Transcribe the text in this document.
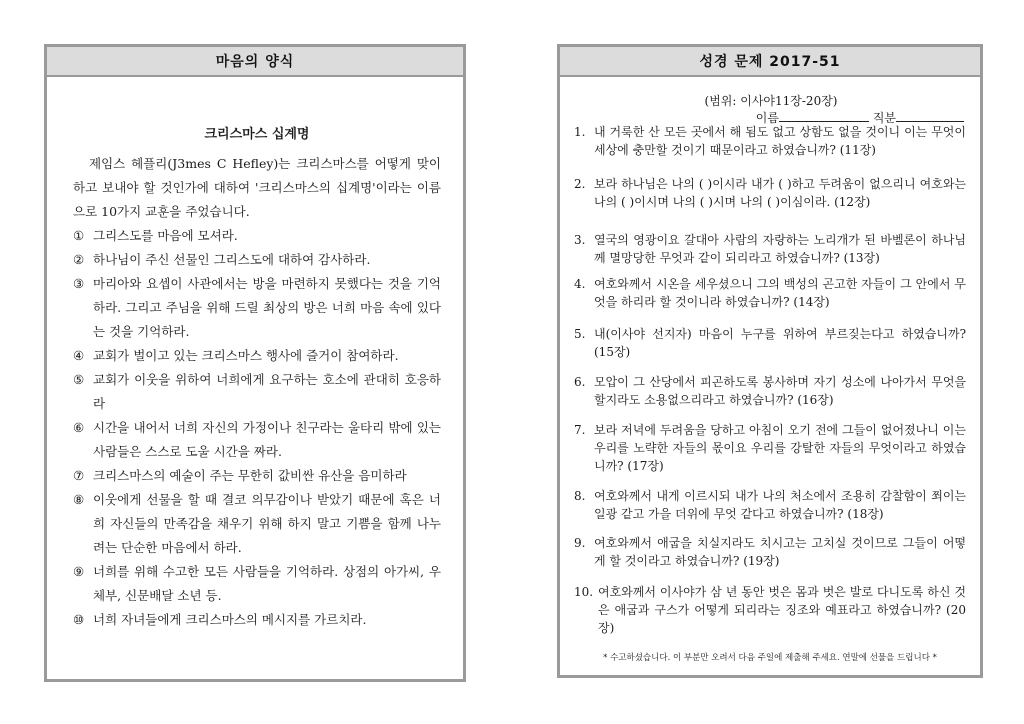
마음의 양식
크리스마스 십계명
제임스 헤플리(J3mes C Hefley)는 크리스마스를 어떻게 맞이하고 보내야 할 것인가에 대하여 '크리스마스의 십계명'이라는 이름으로 10가지 교훈을 주었습니다.
① 그리스도를 마음에 모셔라.
② 하나님이 주신 선물인 그리스도에 대하여 감사하라.
③ 마리아와 요셉이 사관에서는 방을 마련하지 못했다는 것을 기억하라. 그리고 주님을 위해 드릴 최상의 방은 너희 마음 속에 있다는 것을 기억하라.
④ 교회가 벌이고 있는 크리스마스 행사에 즐거이 참여하라.
⑤ 교회가 이웃을 위하여 너희에게 요구하는 호소에 관대히 호응하라
⑥ 시간을 내어서 너희 자신의 가정이나 친구라는 울타리 밖에 있는 사람들은 스스로 도울 시간을 짜라.
⑦ 크리스마스의 예술이 주는 무한히 값비싼 유산을 음미하라
⑧ 이웃에게 선물을 할 때 결코 의무감이나 받았기 때문에 혹은 너희 자신들의 만족감을 채우기 위해 하지 말고 기쁨을 함께 나누려는 단순한 마음에서 하라.
⑨ 너희를 위해 수고한 모든 사람들을 기억하라. 상점의 아가씨, 우체부, 신문배달 소년 등.
⑩ 너희 자녀들에게 크리스마스의 메시지를 가르치라.
성경 문제 2017-51
(범위: 이사야11장-20장)
이름	직분
1. 내 거룩한 산 모든 곳에서 해 됨도 없고 상함도 없을 것이니 이는 무엇이 세상에 충만할 것이기 때문이라고 하였습니까? (11장)
2. 보라 하나님은 나의 ( )이시라 내가 ( )하고 두려움이 없으리니 여호와는 나의 ( )이시며 나의 ( )시며 나의 ( )이심이라. (12장)
3. 열국의 영광이요 갈대아 사람의 자랑하는 노리개가 된 바벨론이 하나님께 멸망당한 무엇과 같이 되리라고 하였습니까? (13장)
4. 여호와께서 시온을 세우셨으니 그의 백성의 곤고한 자들이 그 안에서 무엇을 하리라 할 것이니라 하였습니까? (14장)
5. 내(이사야 선지자) 마음이 누구를 위하여 부르짖는다고 하였습니까? (15장)
6. 모압이 그 산당에서 피곤하도록 봉사하며 자기 성소에 나아가서 무엇을 할지라도 소용없으리라고 하였습니까? (16장)
7. 보라 저녁에 두려움을 당하고 아침이 오기 전에 그들이 없어졌나니 이는 우리를 노략한 자들의 몫이요 우리를 강탈한 자들의 무엇이라고 하였습니까? (17장)
8. 여호와께서 내게 이르시되 내가 나의 처소에서 조용히 감찰함이 쬐이는 일광 같고 가을 더위에 무엇 같다고 하였습니까? (18장)
9. 여호와께서 애굽을 치실지라도 치시고는 고치실 것이므로 그들이 어떻게 할 것이라고 하였습니까? (19장)
10. 여호와께서 이사야가 삼 년 동안 벗은 몸과 벗은 발로 다니도록 하신 것은 애굽과 구스가 어떻게 되리라는 징조와 예표라고 하였습니까? (20장)
* 수고하셨습니다. 이 부분만 오려서 다음 주일에 제출해 주세요. 연말에 선물을 드립니다 *
